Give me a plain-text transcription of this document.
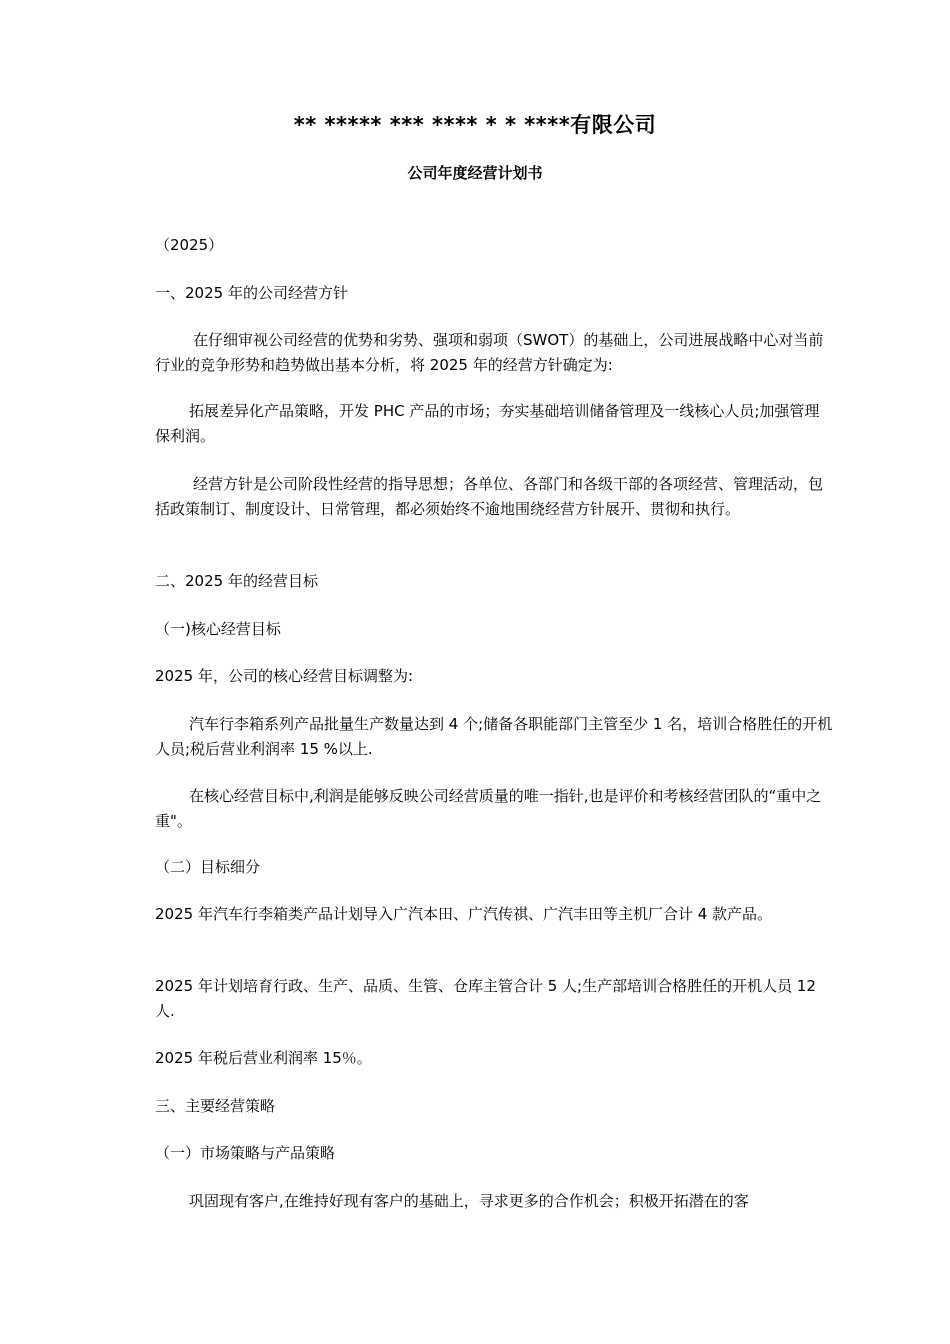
** ***** *** **** * * ****有限公司
公司年度经营计划书

（2025）

一、2025 年的公司经营方针

在仔细审视公司经营的优势和劣势、强项和弱项（SWOT）的基础上，公司进展战略中心对当前行业的竞争形势和趋势做出基本分析，将 2025 年的经营方针确定为:

拓展差异化产品策略，开发 PHC 产品的市场；夯实基础培训储备管理及一线核心人员;加强管理保利润。

经营方针是公司阶段性经营的指导思想；各单位、各部门和各级干部的各项经营、管理活动，包括政策制订、制度设计、日常管理，都必须始终不逾地围绕经营方针展开、贯彻和执行。

二、2025 年的经营目标

（一)核心经营目标

2025 年，公司的核心经营目标调整为:

汽车行李箱系列产品批量生产数量达到 4 个;储备各职能部门主管至少 1 名，培训合格胜任的开机人员;税后营业利润率 15 %以上.

在核心经营目标中,利润是能够反映公司经营质量的唯一指针,也是评价和考核经营团队的“重中之重"。

（二）目标细分

2025 年汽车行李箱类产品计划导入广汽本田、广汽传祺、广汽丰田等主机厂合计 4 款产品。

2025 年计划培育行政、生产、品质、生管、仓库主管合计 5 人;生产部培训合格胜任的开机人员 12 人.

2025 年税后营业利润率 15％。

三、主要经营策略

（一）市场策略与产品策略

巩固现有客户,在维持好现有客户的基础上，寻求更多的合作机会；积极开拓潜在的客
